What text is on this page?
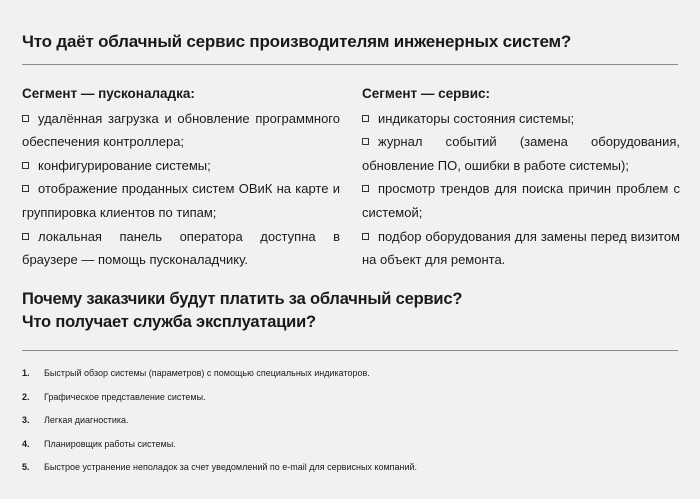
Что даёт облачный сервис производителям инженерных систем?
Сегмент — пусконаладка:
удалённая загрузка и обновление программного обеспечения контроллера;
конфигурирование системы;
отображение проданных систем ОВиК на карте и группировка клиентов по типам;
локальная панель оператора доступна в браузере — помощь пусконаладчику.
Сегмент — сервис:
индикаторы состояния системы;
журнал событий (замена оборудования, обновление ПО, ошибки в работе системы);
просмотр трендов для поиска причин проблем с системой;
подбор оборудования для замены перед визитом на объект для ремонта.
Почему заказчики будут платить за облачный сервис?
Что получает служба эксплуатации?
1. Быстрый обзор системы (параметров) с помощью специальных индикаторов.
2. Графическое представление системы.
3. Легкая диагностика.
4. Планировщик работы системы.
5. Быстрое устранение неполадок за счет уведомлений по e-mail для сервисных компаний.
